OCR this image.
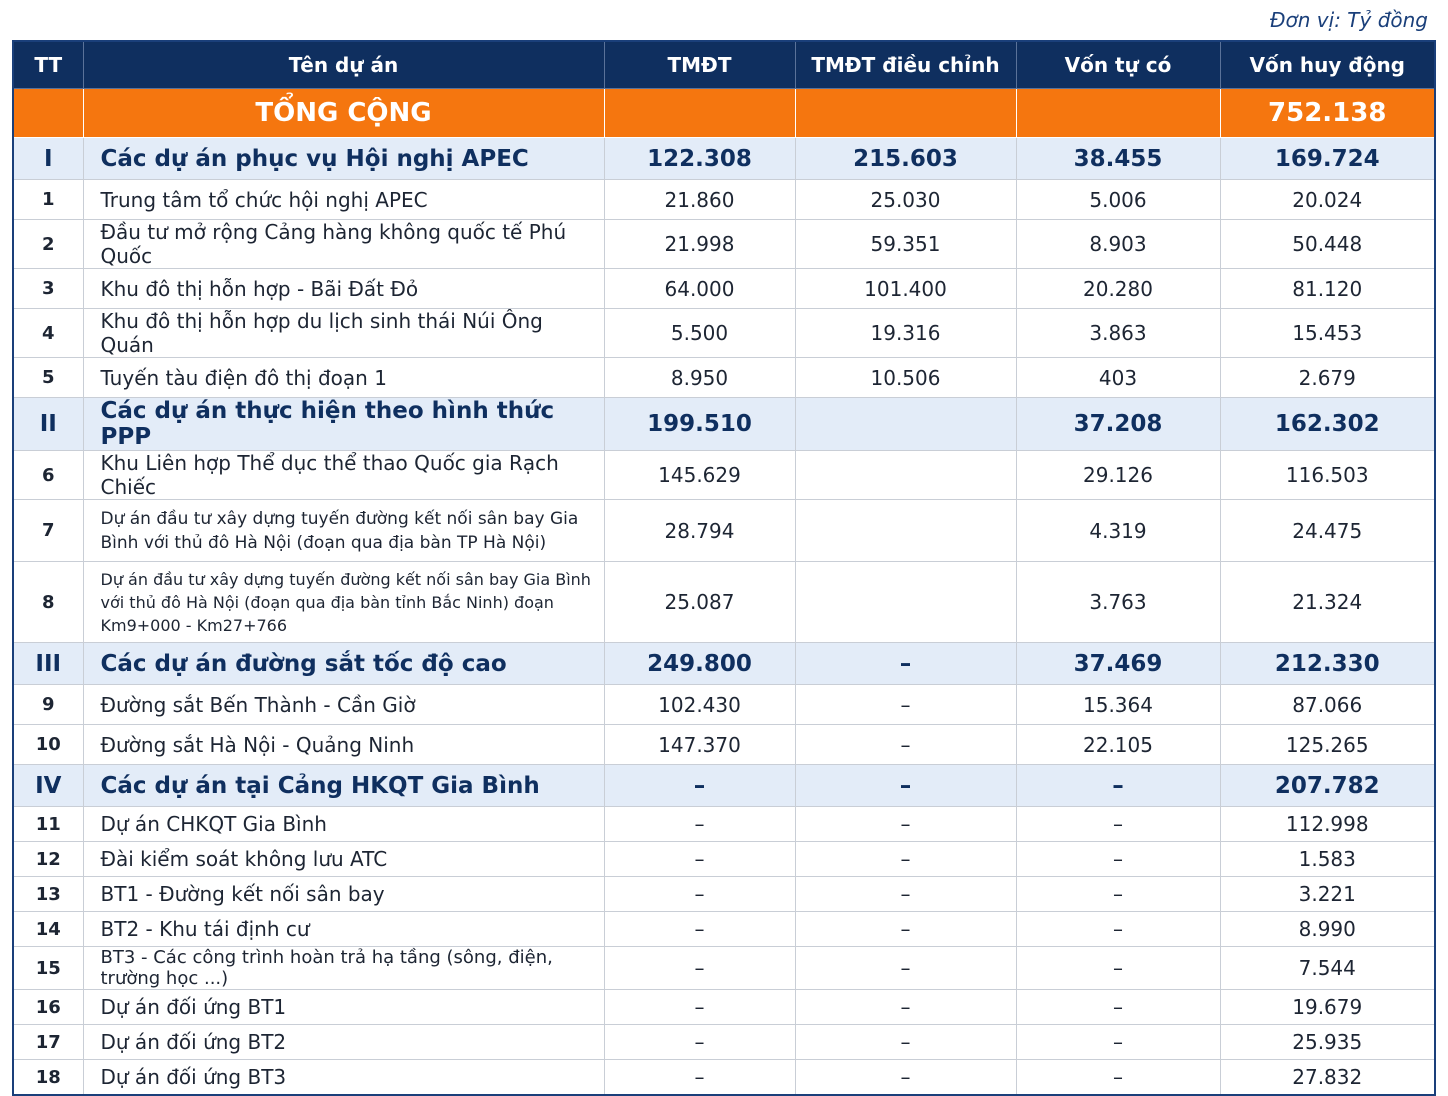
Đơn vị: Tỷ đồng
TT	Tên dự án	TMĐT	TMĐT điều chỉnh	Vốn tự có	Vốn huy động
	TỔNG CỘNG				752.138
I	Các dự án phục vụ Hội nghị APEC	122.308	215.603	38.455	169.724
1	Trung tâm tổ chức hội nghị APEC	21.860	25.030	5.006	20.024
2	Đầu tư mở rộng Cảng hàng không quốc tế Phú Quốc	21.998	59.351	8.903	50.448
3	Khu đô thị hỗn hợp - Bãi Đất Đỏ	64.000	101.400	20.280	81.120
4	Khu đô thị hỗn hợp du lịch sinh thái Núi Ông Quán	5.500	19.316	3.863	15.453
5	Tuyến tàu điện đô thị đoạn 1	8.950	10.506	403	2.679
II	Các dự án thực hiện theo hình thức PPP	199.510		37.208	162.302
6	Khu Liên hợp Thể dục thể thao Quốc gia Rạch Chiếc	145.629		29.126	116.503
7	Dự án đầu tư xây dựng tuyến đường kết nối sân bay Gia Bình với thủ đô Hà Nội (đoạn qua địa bàn TP Hà Nội)	28.794		4.319	24.475
8	Dự án đầu tư xây dựng tuyến đường kết nối sân bay Gia Bình với thủ đô Hà Nội (đoạn qua địa bàn tỉnh Bắc Ninh) đoạn Km9+000 - Km27+766	25.087		3.763	21.324
III	Các dự án đường sắt tốc độ cao	249.800	–	37.469	212.330
9	Đường sắt Bến Thành - Cần Giờ	102.430	–	15.364	87.066
10	Đường sắt Hà Nội - Quảng Ninh	147.370	–	22.105	125.265
IV	Các dự án tại Cảng HKQT Gia Bình	–	–	–	207.782
11	Dự án CHKQT Gia Bình	–	–	–	112.998
12	Đài kiểm soát không lưu ATC	–	–	–	1.583
13	BT1 - Đường kết nối sân bay	–	–	–	3.221
14	BT2 - Khu tái định cư	–	–	–	8.990
15	BT3 - Các công trình hoàn trả hạ tầng (sông, điện, trường học ...)	–	–	–	7.544
16	Dự án đối ứng BT1	–	–	–	19.679
17	Dự án đối ứng BT2	–	–	–	25.935
18	Dự án đối ứng BT3	–	–	–	27.832
